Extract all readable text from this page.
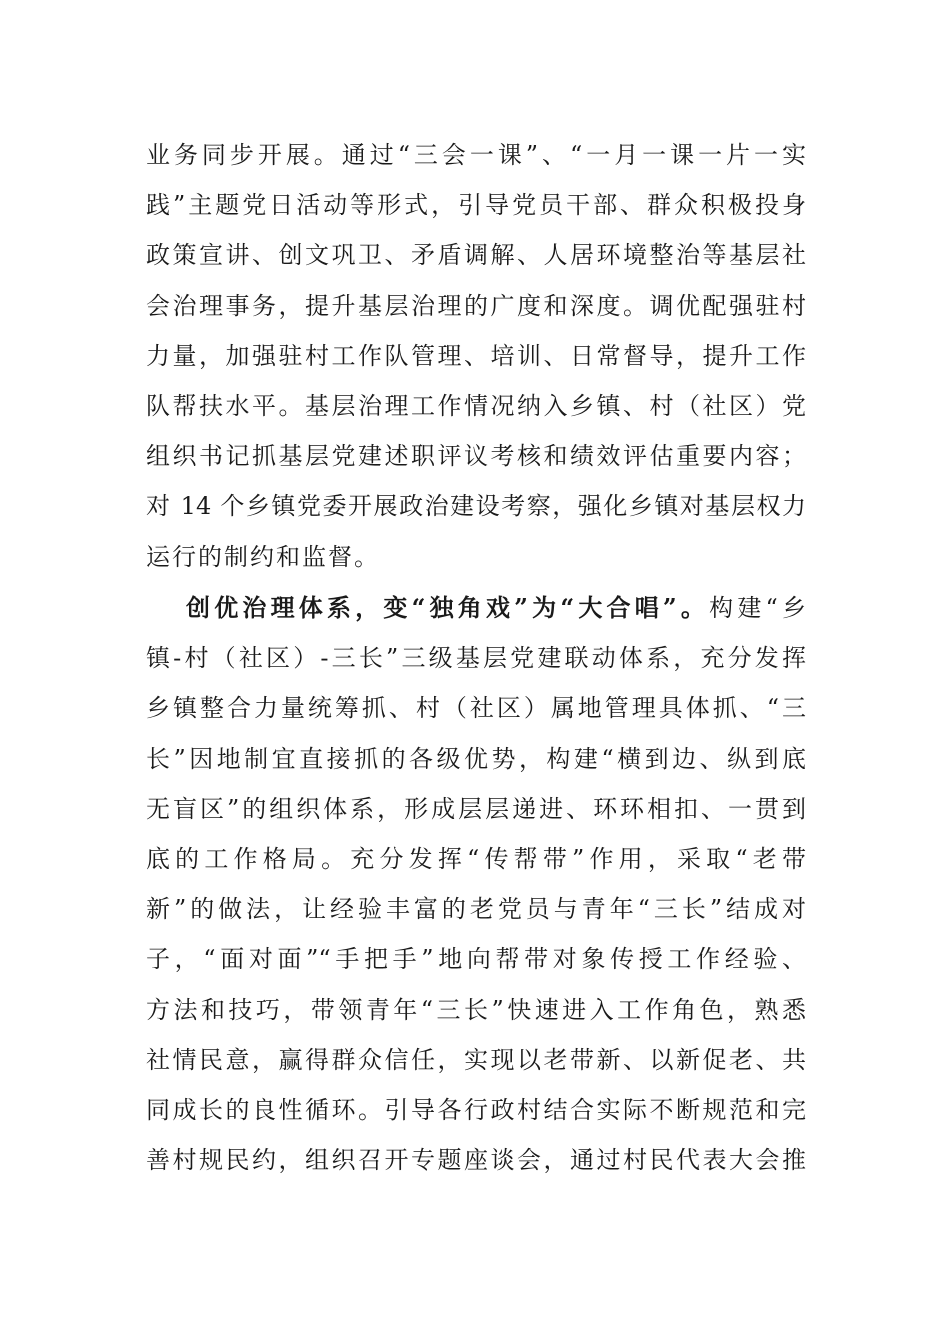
业务同步开展。通过“三会一课”、“一月一课一片一实
践”主题党日活动等形式，引导党员干部、群众积极投身
政策宣讲、创文巩卫、矛盾调解、人居环境整治等基层社
会治理事务，提升基层治理的广度和深度。调优配强驻村
力量，加强驻村工作队管理、培训、日常督导，提升工作
队帮扶水平。基层治理工作情况纳入乡镇、村（社区）党
组织书记抓基层党建述职评议考核和绩效评估重要内容；
对 14 个乡镇党委开展政治建设考察，强化乡镇对基层权力
运行的制约和监督。
创优治理体系，变“独角戏”为“大合唱”。构建“乡
镇-村（社区）-三长”三级基层党建联动体系，充分发挥
乡镇整合力量统筹抓、村（社区）属地管理具体抓、“三
长”因地制宜直接抓的各级优势，构建“横到边、纵到底
无盲区”的组织体系，形成层层递进、环环相扣、一贯到
底的工作格局。充分发挥“传帮带”作用，采取“老带
新”的做法，让经验丰富的老党员与青年“三长”结成对
子，“面对面”“手把手”地向帮带对象传授工作经验、
方法和技巧，带领青年“三长”快速进入工作角色，熟悉
社情民意，赢得群众信任，实现以老带新、以新促老、共
同成长的良性循环。引导各行政村结合实际不断规范和完
善村规民约，组织召开专题座谈会，通过村民代表大会推
